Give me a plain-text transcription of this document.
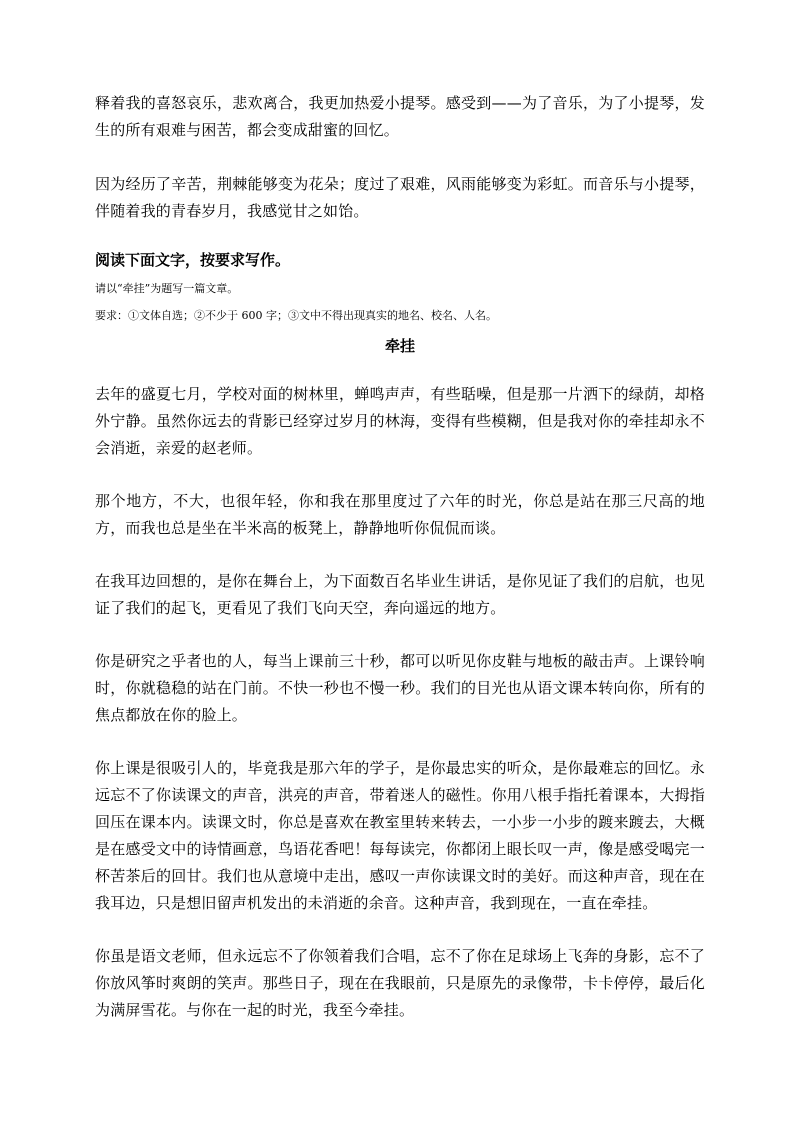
释着我的喜怒哀乐，悲欢离合，我更加热爱小提琴。感受到——为了音乐，为了小提琴，发生的所有艰难与困苦，都会变成甜蜜的回忆。

因为经历了辛苦，荆棘能够变为花朵；度过了艰难，风雨能够变为彩虹。而音乐与小提琴，伴随着我的青春岁月，我感觉甘之如饴。

阅读下面文字，按要求写作。
请以“牵挂”为题写一篇文章。
要求：①文体自选；②不少于 600 字；③文中不得出现真实的地名、校名、人名。
牵挂

去年的盛夏七月，学校对面的树林里，蝉鸣声声，有些聒噪，但是那一片洒下的绿荫，却格外宁静。虽然你远去的背影已经穿过岁月的林海，变得有些模糊，但是我对你的牵挂却永不会消逝，亲爱的赵老师。

那个地方，不大，也很年轻，你和我在那里度过了六年的时光，你总是站在那三尺高的地方，而我也总是坐在半米高的板凳上，静静地听你侃侃而谈。

在我耳边回想的，是你在舞台上，为下面数百名毕业生讲话，是你见证了我们的启航，也见证了我们的起飞，更看见了我们飞向天空，奔向遥远的地方。

你是研究之乎者也的人，每当上课前三十秒，都可以听见你皮鞋与地板的敲击声。上课铃响时，你就稳稳的站在门前。不快一秒也不慢一秒。我们的目光也从语文课本转向你，所有的焦点都放在你的脸上。

你上课是很吸引人的，毕竟我是那六年的学子，是你最忠实的听众，是你最难忘的回忆。永远忘不了你读课文的声音，洪亮的声音，带着迷人的磁性。你用八根手指托着课本，大拇指回压在课本内。读课文时，你总是喜欢在教室里转来转去，一小步一小步的踱来踱去，大概是在感受文中的诗情画意，鸟语花香吧！每每读完，你都闭上眼长叹一声，像是感受喝完一杯苦茶后的回甘。我们也从意境中走出，感叹一声你读课文时的美好。而这种声音，现在在我耳边，只是想旧留声机发出的未消逝的余音。这种声音，我到现在，一直在牵挂。

你虽是语文老师，但永远忘不了你领着我们合唱，忘不了你在足球场上飞奔的身影，忘不了你放风筝时爽朗的笑声。那些日子，现在在我眼前，只是原先的录像带，卡卡停停，最后化为满屏雪花。与你在一起的时光，我至今牵挂。
